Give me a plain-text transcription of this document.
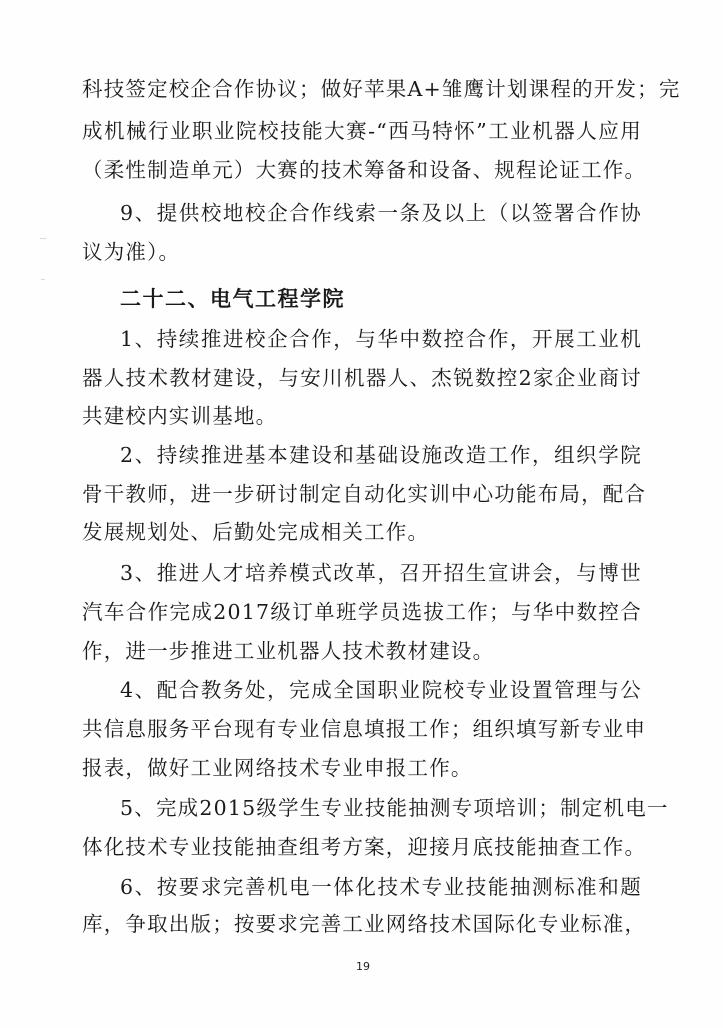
科技签定校企合作协议；做好苹果A+雏鹰计划课程的开发；完
成机械行业职业院校技能大赛-“西马特怀”工业机器人应用
（柔性制造单元）大赛的技术筹备和设备、规程论证工作。
9、提供校地校企合作线索一条及以上（以签署合作协
议为准）。
二十二、电气工程学院
1、持续推进校企合作，与华中数控合作，开展工业机
器人技术教材建设，与安川机器人、杰锐数控2家企业商讨
共建校内实训基地。
2、持续推进基本建设和基础设施改造工作，组织学院
骨干教师，进一步研讨制定自动化实训中心功能布局，配合
发展规划处、后勤处完成相关工作。
3、推进人才培养模式改革，召开招生宣讲会，与博世
汽车合作完成2017级订单班学员选拔工作；与华中数控合
作，进一步推进工业机器人技术教材建设。
4、配合教务处，完成全国职业院校专业设置管理与公
共信息服务平台现有专业信息填报工作；组织填写新专业申
报表，做好工业网络技术专业申报工作。
5、完成2015级学生专业技能抽测专项培训；制定机电一
体化技术专业技能抽查组考方案，迎接月底技能抽查工作。
6、按要求完善机电一体化技术专业技能抽测标准和题
库，争取出版；按要求完善工业网络技术国际化专业标准，
19
